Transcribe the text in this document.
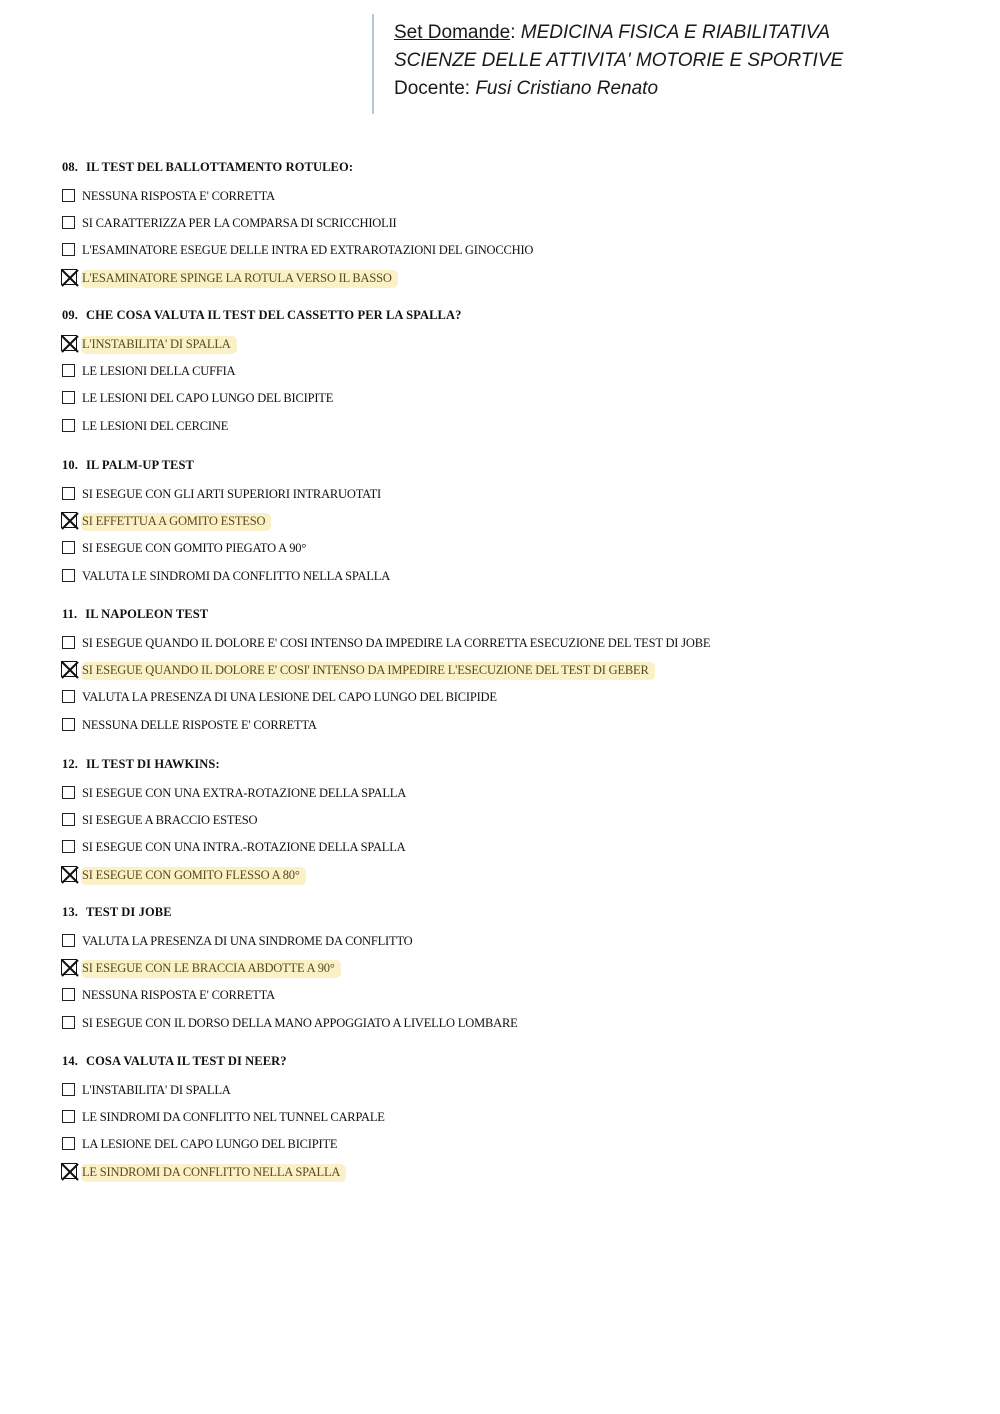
Set Domande: MEDICINA FISICA E RIABILITATIVA
SCIENZE DELLE ATTIVITA' MOTORIE E SPORTIVE
Docente: Fusi Cristiano Renato
08. IL TEST DEL BALLOTTAMENTO ROTULEO:
NESSUNA RISPOSTA E' CORRETTA
SI CARATTERIZZA PER LA COMPARSA DI SCRICCHIOLII
L'ESAMINATORE ESEGUE DELLE INTRA ED EXTRAROTAZIONI DEL GINOCCHIO
L'ESAMINATORE SPINGE LA ROTULA VERSO IL BASSO
09. CHE COSA VALUTA IL TEST DEL CASSETTO PER LA SPALLA?
L'INSTABILITA' DI SPALLA
LE LESIONI DELLA CUFFIA
LE LESIONI DEL CAPO LUNGO DEL BICIPITE
LE LESIONI DEL CERCINE
10. IL PALM-UP TEST
SI ESEGUE CON GLI ARTI SUPERIORI INTRARUOTATI
SI EFFETTUA A GOMITO ESTESO
SI ESEGUE CON GOMITO PIEGATO A 90°
VALUTA LE SINDROMI DA CONFLITTO NELLA SPALLA
11. IL NAPOLEON TEST
SI ESEGUE QUANDO IL DOLORE E' COSI INTENSO DA IMPEDIRE LA CORRETTA ESECUZIONE DEL TEST DI JOBE
SI ESEGUE QUANDO IL DOLORE E' COSI' INTENSO DA IMPEDIRE L'ESECUZIONE DEL TEST DI GEBER
VALUTA LA PRESENZA DI UNA LESIONE DEL CAPO LUNGO DEL BICIPIDE
NESSUNA DELLE RISPOSTE E' CORRETTA
12. IL TEST DI HAWKINS:
SI ESEGUE CON UNA EXTRA-ROTAZIONE DELLA SPALLA
SI ESEGUE A BRACCIO ESTESO
SI ESEGUE CON UNA INTRA.-ROTAZIONE DELLA SPALLA
SI ESEGUE CON GOMITO FLESSO A 80°
13. TEST DI JOBE
VALUTA LA PRESENZA DI UNA SINDROME DA CONFLITTO
SI ESEGUE CON LE BRACCIA ABDOTTE A 90°
NESSUNA RISPOSTA E' CORRETTA
SI ESEGUE CON IL DORSO DELLA MANO APPOGGIATO A LIVELLO LOMBARE
14. COSA VALUTA IL TEST DI NEER?
L'INSTABILITA' DI SPALLA
LE SINDROMI DA CONFLITTO NEL TUNNEL CARPALE
LA LESIONE DEL CAPO LUNGO DEL BICIPITE
LE SINDROMI DA CONFLITTO NELLA SPALLA
